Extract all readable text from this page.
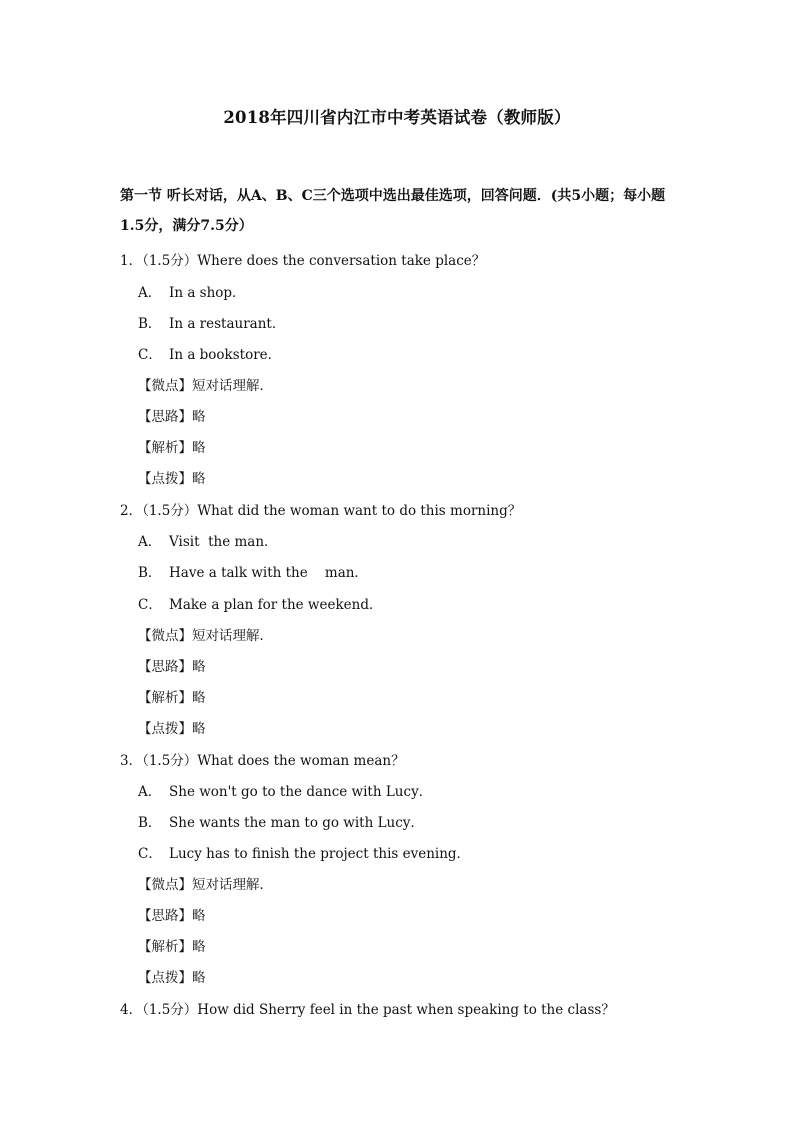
2018年四川省内江市中考英语试卷（教师版）
第一节 听长对话，从A、B、C三个选项中选出最佳选项，回答问题．(共5小题；每小题
1.5分，满分7.5分）
1．（1.5分）Where does the conversation take place？
A． In a shop．
B． In a restaurant．
C． In a bookstore．
【微点】短对话理解．
【思路】略
【解析】略
【点拨】略
2．（1.5分）What did the woman want to do this morning？
A． Visit  the man．
B． Have a talk with the    man．
C． Make a plan for the weekend．
【微点】短对话理解．
【思路】略
【解析】略
【点拨】略
3．（1.5分）What does the woman mean？
A． She won't go to the dance with Lucy．
B． She wants the man to go with Lucy．
C． Lucy has to finish the project this evening．
【微点】短对话理解．
【思路】略
【解析】略
【点拨】略
4．（1.5分）How did Sherry feel in the past when speaking to the class？
